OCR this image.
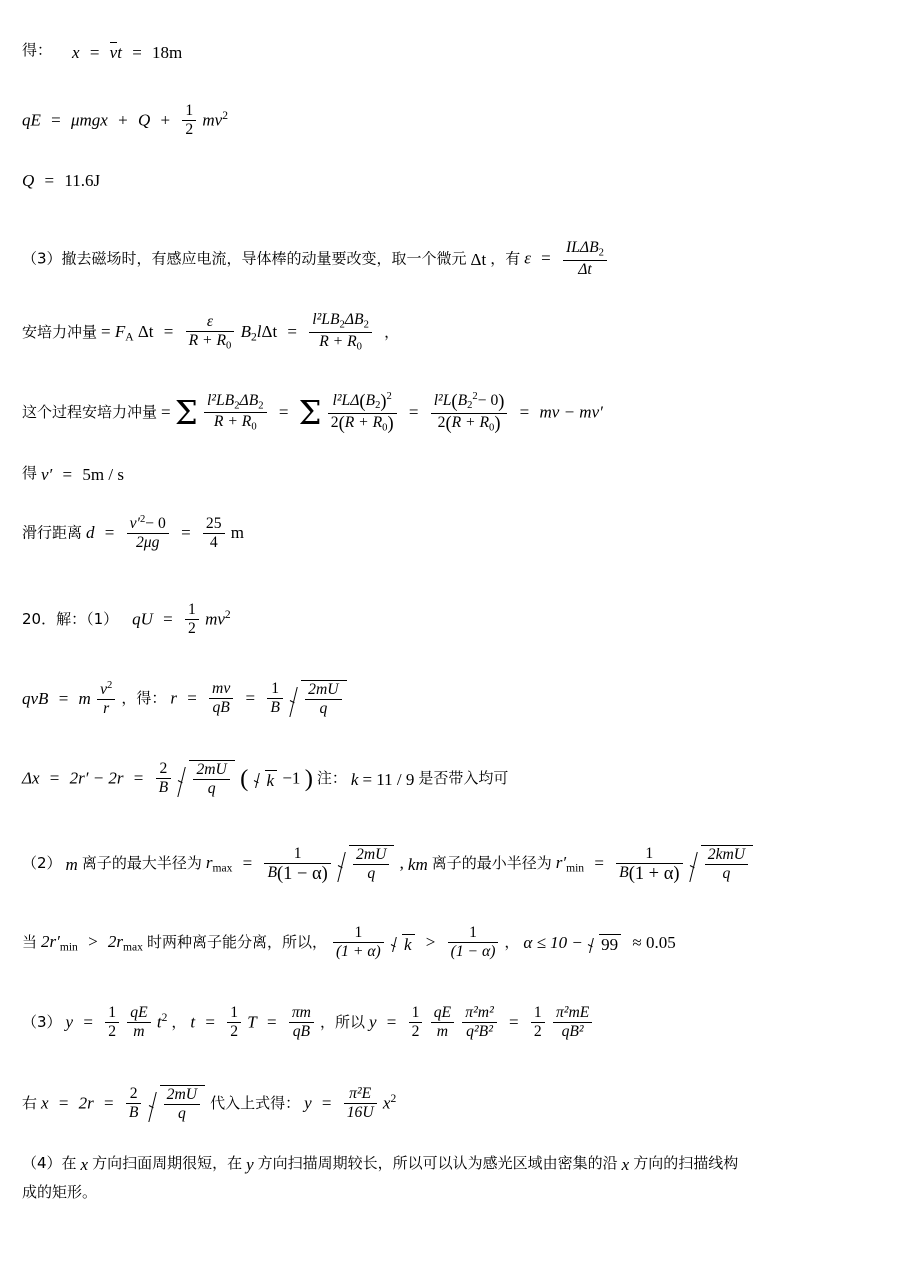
得： x = vt = 18m
qE = $\mu mgx + Q + \frac{1}{2} mv^2$
Q = 11.6J
（3）撤去磁场时，有感应电流，导体棒的动量要改变，取一个微元 Δt ，有 $\varepsilon = \frac{IL\Delta B_2}{\Delta t}$
安培力冲量 = $F_A$ $\Delta t = \frac{\varepsilon}{R + R_0} B_2l\Delta t = \frac{l^2LB_2\Delta B_2}{R + R_0}$ ，
这个过程安培力冲量 = Σ $\frac{l^2LB_2\Delta B_2}{R + R_0} = \Sigma \frac{l^2L\Delta(B_2)^2}{2(R + R_0)} = \frac{l^2L(B_2^2- 0)}{2(R + R_0)}$ = mv − mv′
得 v′ = 5m / s
滑行距离 $d = \frac{v'^2- 0}{2\mu g} = \frac{25}{4}$ m
20．解：（1） qU = $\frac{1}{2} mv^2$
qvB = m $\frac{v^2}{r}$ ，得： $r = \frac{mv}{qB} = \frac{1}{B}$
$\frac{2mU}{q}$
$\Delta x = 2r' - 2r = \frac{2}{B}$
$\frac{2mU}{q}$ ( k −1 ) 注： k = 11 / 9 是否带入均可
（2） m 离子的最大半径为 $r_{max} = \frac{1}{B(1 - \alpha)}$
$\frac{2mU}{q}$ , km 离子的最小半径为 $r'_{min} = \frac{1}{B(1 + \alpha)}$
$\frac{\text{2kmU}}{q}$
当 $2r'_{min} > 2r_{max}$ 时两种离子能分离，所以， $\frac{1}{(1 + \alpha)}$ $k > \frac{1}{(1 - \alpha)}$ ， α ≤ 10 − 99 ≈ 0.05
（3） $y = \frac{1}{2}$
$\frac{qE}{m} t^2$ ， $t = \frac{1}{2}$ $T = \frac{\pi m}{qB}$ ，所以 $y = \frac{1}{2}$
$\frac{qE}{m}$
$\frac{\text{π²m²}}{\text{q²B²}} = \frac{1}{2}$
$\frac{\text{π²mE}}{\text{qB²}}$
右 $x = 2r = \frac{2}{B}$
$\frac{2mU}{q}$ 代入上式得： $y = \frac{\text{π²E}}{16U} x^2$
（4）在 x 方向扫面周期很短，在 y 方向扫描周期较长，所以可以认为感光区域由密集的沿 x 方向的扫描线构
成的矩形。
